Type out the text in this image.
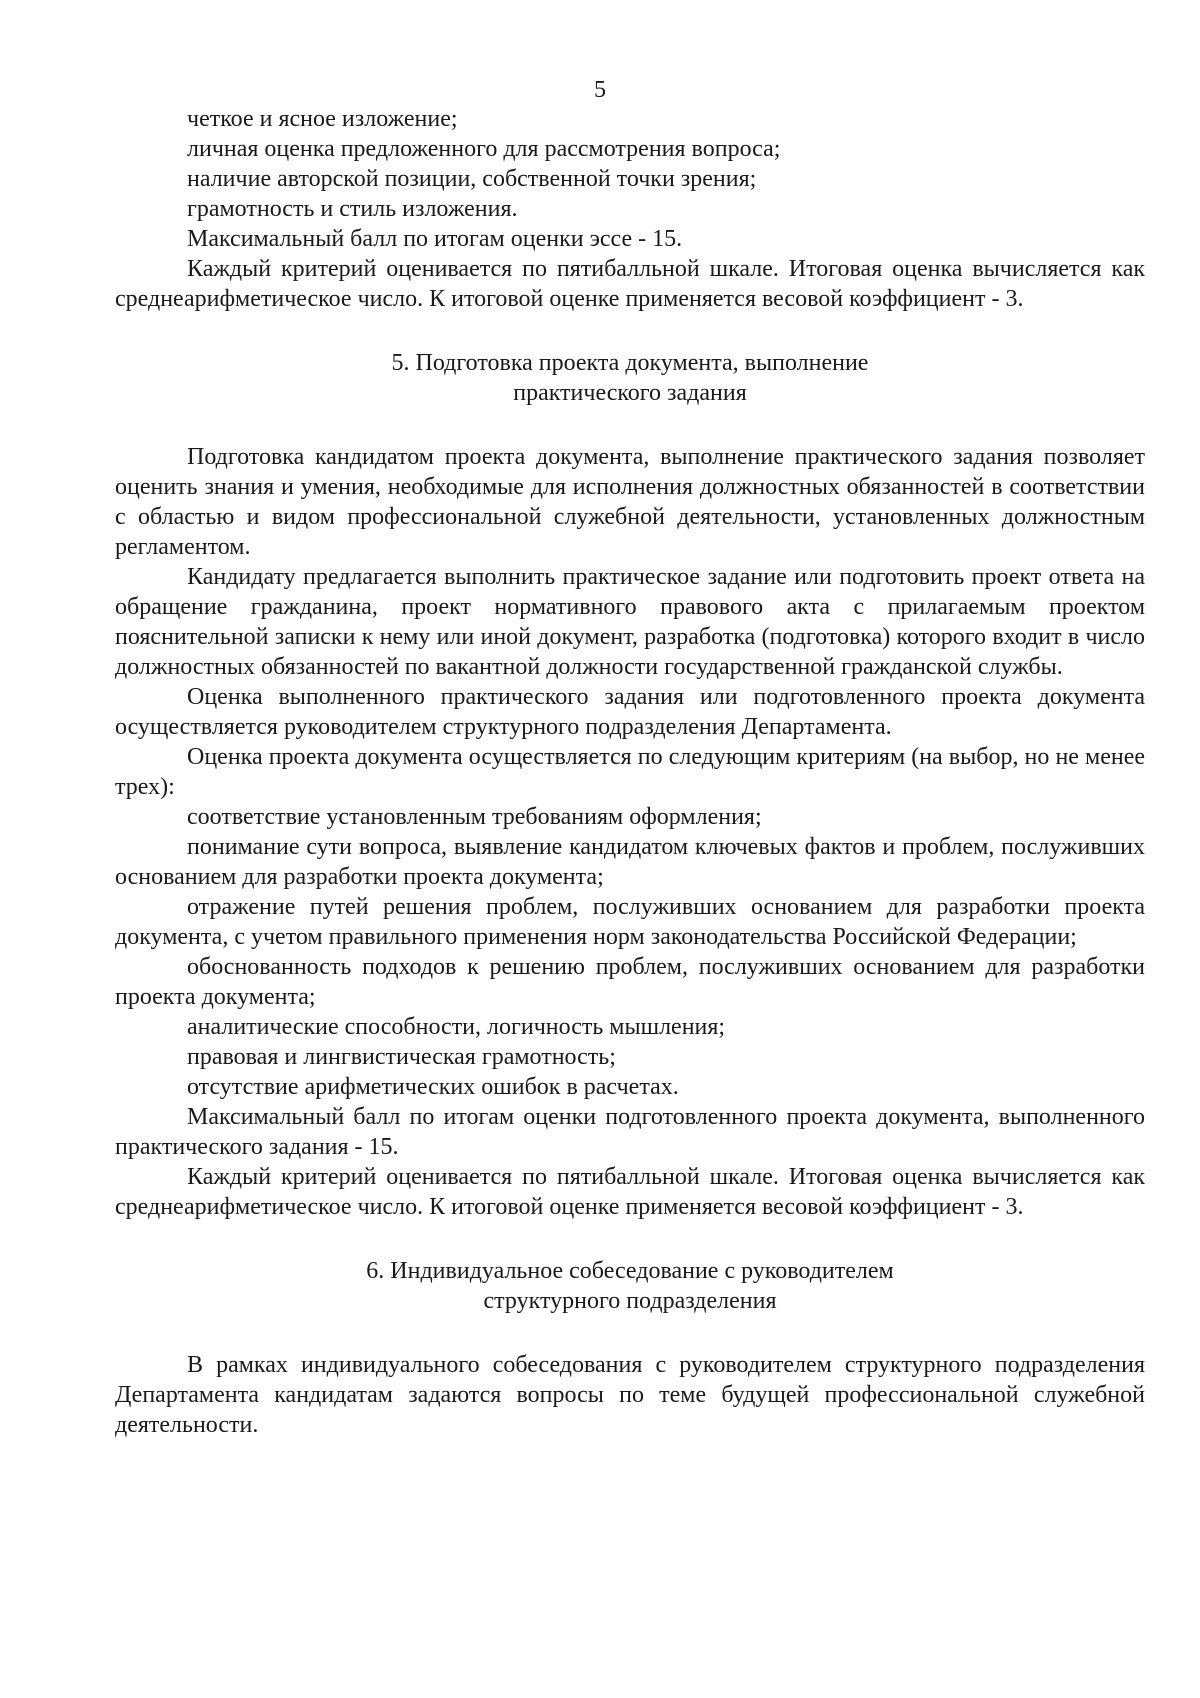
5

четкое и ясное изложение;

личная оценка предложенного для рассмотрения вопроса;

наличие авторской позиции, собственной точки зрения;

грамотность и стиль изложения.

Максимальный балл по итогам оценки эссе - 15.

Каждый критерий оценивается по пятибалльной шкале. Итоговая оценка вычисляется как среднеарифметическое число. К итоговой оценке применяется весовой коэффициент - 3.

5. Подготовка проекта документа, выполнение

практического задания

Подготовка кандидатом проекта документа, выполнение практического задания позволяет оценить знания и умения, необходимые для исполнения должностных обязанностей в соответствии с областью и видом профессиональной служебной деятельности, установленных должностным регламентом.

Кандидату предлагается выполнить практическое задание или подготовить проект ответа на обращение гражданина, проект нормативного правового акта с прилагаемым проектом пояснительной записки к нему или иной документ, разработка (подготовка) которого входит в число должностных обязанностей по вакантной должности государственной гражданской службы.

Оценка выполненного практического задания или подготовленного проекта документа осуществляется руководителем структурного подразделения Департамента.

Оценка проекта документа осуществляется по следующим критериям (на выбор, но не менее трех):

соответствие установленным требованиям оформления;

понимание сути вопроса, выявление кандидатом ключевых фактов и проблем, послуживших основанием для разработки проекта документа;

отражение путей решения проблем, послуживших основанием для разработки проекта документа, с учетом правильного применения норм законодательства Российской Федерации;

обоснованность подходов к решению проблем, послуживших основанием для разработки проекта документа;

аналитические способности, логичность мышления;

правовая и лингвистическая грамотность;

отсутствие арифметических ошибок в расчетах.

Максимальный балл по итогам оценки подготовленного проекта документа, выполненного практического задания - 15.

Каждый критерий оценивается по пятибалльной шкале. Итоговая оценка вычисляется как среднеарифметическое число. К итоговой оценке применяется весовой коэффициент - 3.

6. Индивидуальное собеседование с руководителем

структурного подразделения

В рамках индивидуального собеседования с руководителем структурного подразделения Департамента кандидатам задаются вопросы по теме будущей профессиональной служебной деятельности.
